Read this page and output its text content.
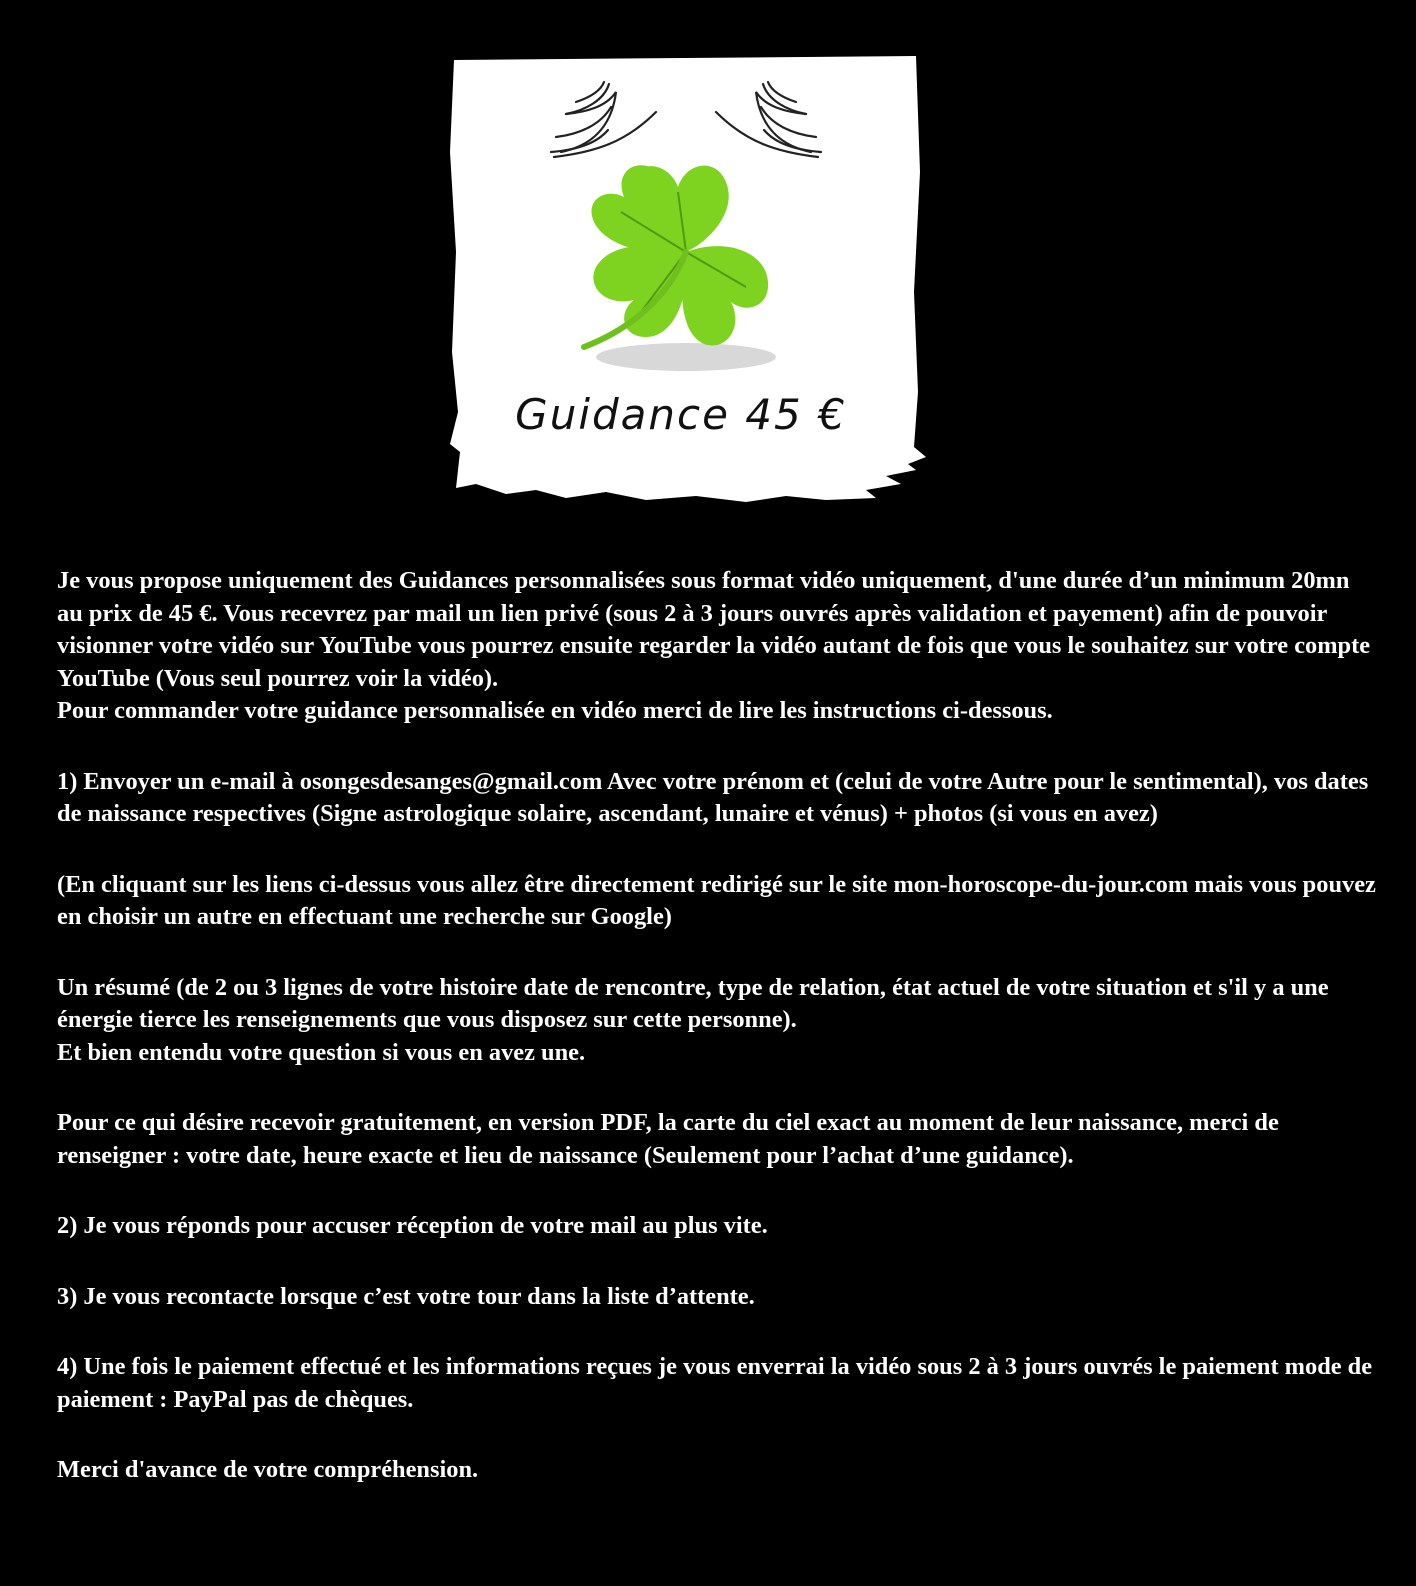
Guidance 45 €

Je vous propose uniquement des Guidances personnalisées sous format vidéo uniquement, d'une durée d’un minimum 20mn au prix de 45 €. Vous recevrez par mail un lien privé (sous 2 à 3 jours ouvrés après validation et payement) afin de pouvoir visionner votre vidéo sur YouTube vous pourrez ensuite regarder la vidéo autant de fois que vous le souhaitez sur votre compte YouTube (Vous seul pourrez voir la vidéo).
Pour commander votre guidance personnalisée en vidéo merci de lire les instructions ci-dessous.

1) Envoyer un e-mail à osongesdesanges@gmail.com Avec votre prénom et (celui de votre Autre pour le sentimental), vos dates de naissance respectives (Signe astrologique solaire, ascendant, lunaire et vénus) + photos (si vous en avez)

(En cliquant sur les liens ci-dessus vous allez être directement redirigé sur le site mon-horoscope-du-jour.com mais vous pouvez en choisir un autre en effectuant une recherche sur Google)

Un résumé (de 2 ou 3 lignes de votre histoire date de rencontre, type de relation, état actuel de votre situation et s'il y a une énergie tierce les renseignements que vous disposez sur cette personne).
Et bien entendu votre question si vous en avez une.

Pour ce qui désire recevoir gratuitement, en version PDF, la carte du ciel exact au moment de leur naissance, merci de renseigner : votre date, heure exacte et lieu de naissance (Seulement pour l’achat d’une guidance).

2) Je vous réponds pour accuser réception de votre mail au plus vite.

3) Je vous recontacte lorsque c’est votre tour dans la liste d’attente.

4) Une fois le paiement effectué et les informations reçues je vous enverrai la vidéo sous 2 à 3 jours ouvrés le paiement mode de paiement : PayPal pas de chèques.

Merci d'avance de votre compréhension.
